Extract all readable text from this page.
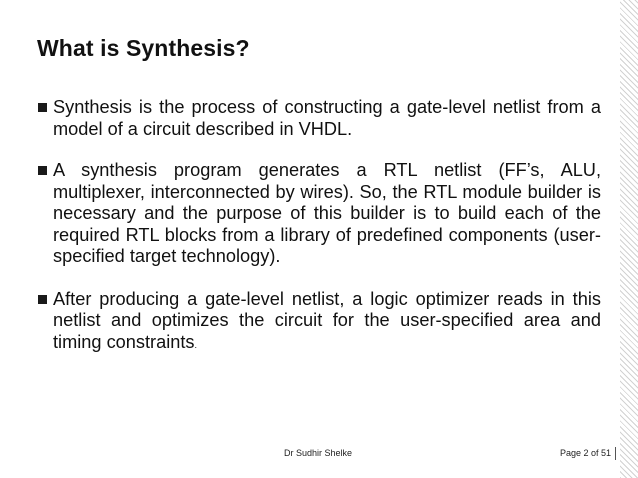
What is Synthesis?

Synthesis is the process of constructing a gate-level netlist from a model of a circuit described in VHDL.

A synthesis program generates a RTL netlist (FF’s, ALU, multiplexer, interconnected by wires). So, the RTL module builder is necessary and the purpose of this builder is to build each of the required RTL blocks from a library of predefined components (user-specified target technology).

After producing a gate-level netlist, a logic optimizer reads in this netlist and optimizes the circuit for the user-specified area and timing constraints.

Dr Sudhir Shelke	Page 2 of 51
